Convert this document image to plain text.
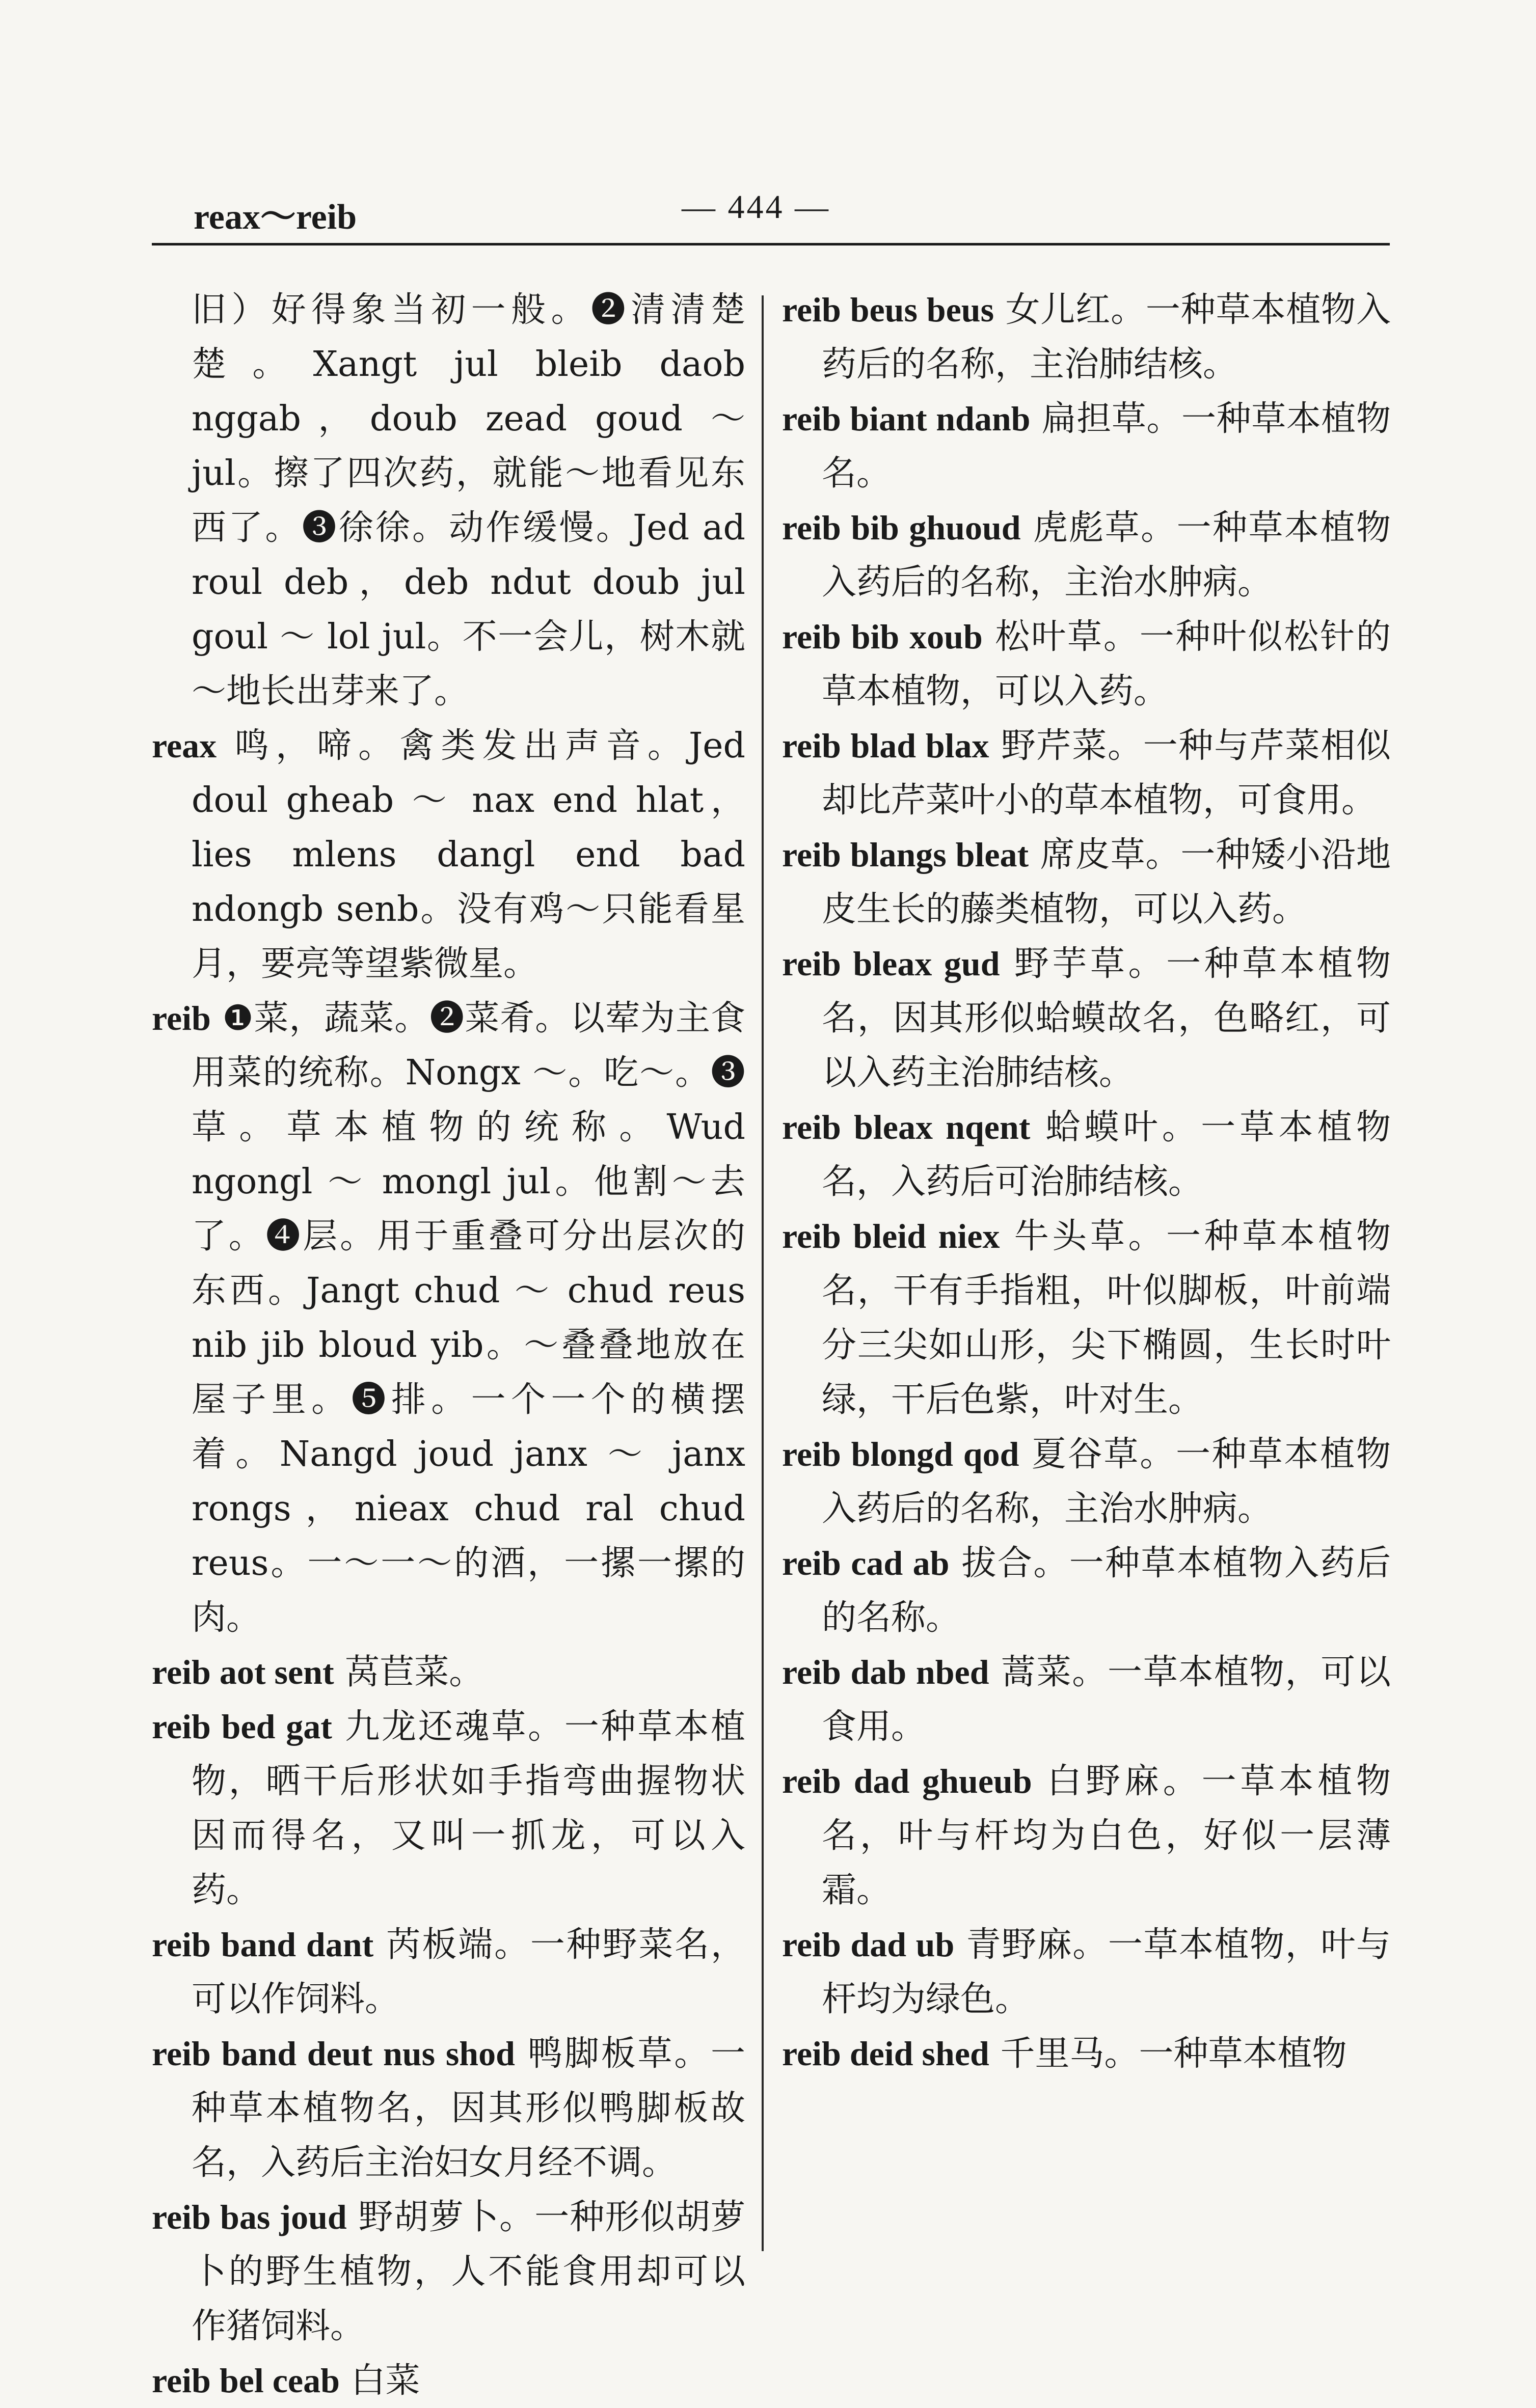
reax～reib	— 444 —

旧）好得象当初一般。❷清清楚楚。Xangt jul bleib daob nggab，doub zead goud ～ jul。擦了四次药，就能～地看见东西了。❸徐徐。动作缓慢。Jed ad roul deb，deb ndut doub jul goul ～ lol jul。不一会儿，树木就～地长出芽来了。

reax 鸣，啼。禽类发出声音。Jed doul gheab ～ nax end hlat，lies mlens dangl end bad ndongb senb。没有鸡～只能看星月，要亮等望紫微星。

reib ❶菜，蔬菜。❷菜肴。以荤为主食用菜的统称。Nongx ～。吃～。❸草。草本植物的统称。Wud ngongl ～ mongl jul。他割～去了。❹层。用于重叠可分出层次的东西。Jangt chud ～ chud reus nib jib bloud yib。～叠叠地放在屋子里。❺排。一个一个的横摆着。Nangd joud janx ～ janx rongs，nieax chud ral chud reus。一～一～的酒，一摞一摞的肉。

reib aot sent 莴苣菜。

reib bed gat 九龙还魂草。一种草本植物，晒干后形状如手指弯曲握物状因而得名，又叫一抓龙，可以入药。

reib band dant 芮板端。一种野菜名，可以作饲料。

reib band deut nus shod 鸭脚板草。一种草本植物名，因其形似鸭脚板故名，入药后主治妇女月经不调。

reib bas joud 野胡萝卜。一种形似胡萝卜的野生植物，人不能食用却可以作猪饲料。

reib bel ceab 白菜

reib beus beus 女儿红。一种草本植物入药后的名称，主治肺结核。

reib biant ndanb 扁担草。一种草本植物名。

reib bib ghuoud 虎彪草。一种草本植物入药后的名称，主治水肿病。

reib bib xoub 松叶草。一种叶似松针的草本植物，可以入药。

reib blad blax 野芹菜。一种与芹菜相似却比芹菜叶小的草本植物，可食用。

reib blangs bleat 席皮草。一种矮小沿地皮生长的藤类植物，可以入药。

reib bleax gud 野芋草。一种草本植物名，因其形似蛤蟆故名，色略红，可以入药主治肺结核。

reib bleax nqent 蛤蟆叶。一草本植物名，入药后可治肺结核。

reib bleid niex 牛头草。一种草本植物名，干有手指粗，叶似脚板，叶前端分三尖如山形，尖下椭圆，生长时叶绿，干后色紫，叶对生。

reib blongd qod 夏谷草。一种草本植物入药后的名称，主治水肿病。

reib cad ab 拔合。一种草本植物入药后的名称。

reib dab nbed 蒿菜。一草本植物，可以食用。

reib dad ghueub 白野麻。一草本植物名，叶与杆均为白色，好似一层薄霜。

reib dad ub 青野麻。一草本植物，叶与杆均为绿色。

reib deid shed 千里马。一种草本植物
